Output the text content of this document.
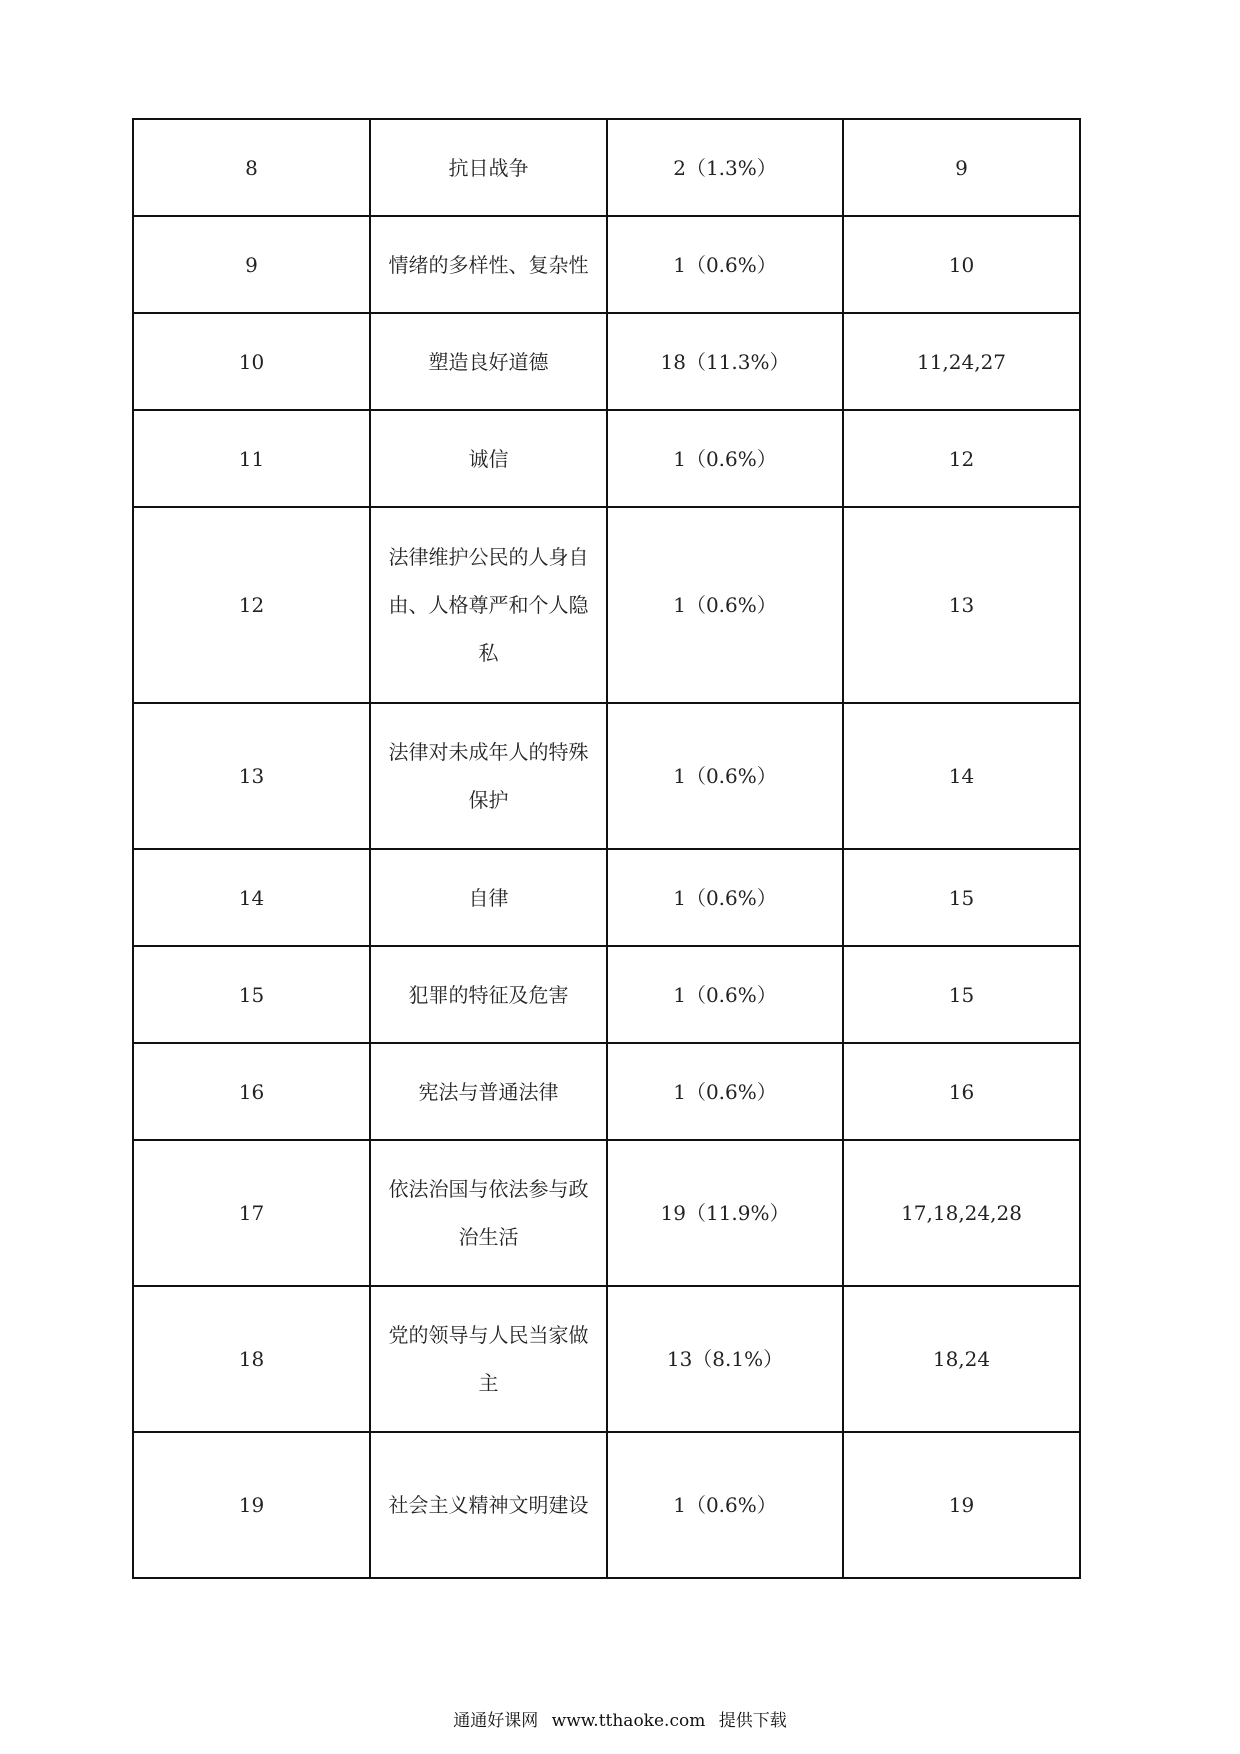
8	抗日战争	2（1.3%）	9
9	情绪的多样性、复杂性	1（0.6%）	10
10	塑造良好道德	18（11.3%）	11,24,27
11	诚信	1（0.6%）	12
12	法律维护公民的人身自由、人格尊严和个人隐私	1（0.6%）	13
13	法律对未成年人的特殊保护	1（0.6%）	14
14	自律	1（0.6%）	15
15	犯罪的特征及危害	1（0.6%）	15
16	宪法与普通法律	1（0.6%）	16
17	依法治国与依法参与政治生活	19（11.9%）	17,18,24,28
18	党的领导与人民当家做主	13（8.1%）	18,24
19	社会主义精神文明建设	1（0.6%）	19
通通好课网 www.tthaoke.com 提供下载
